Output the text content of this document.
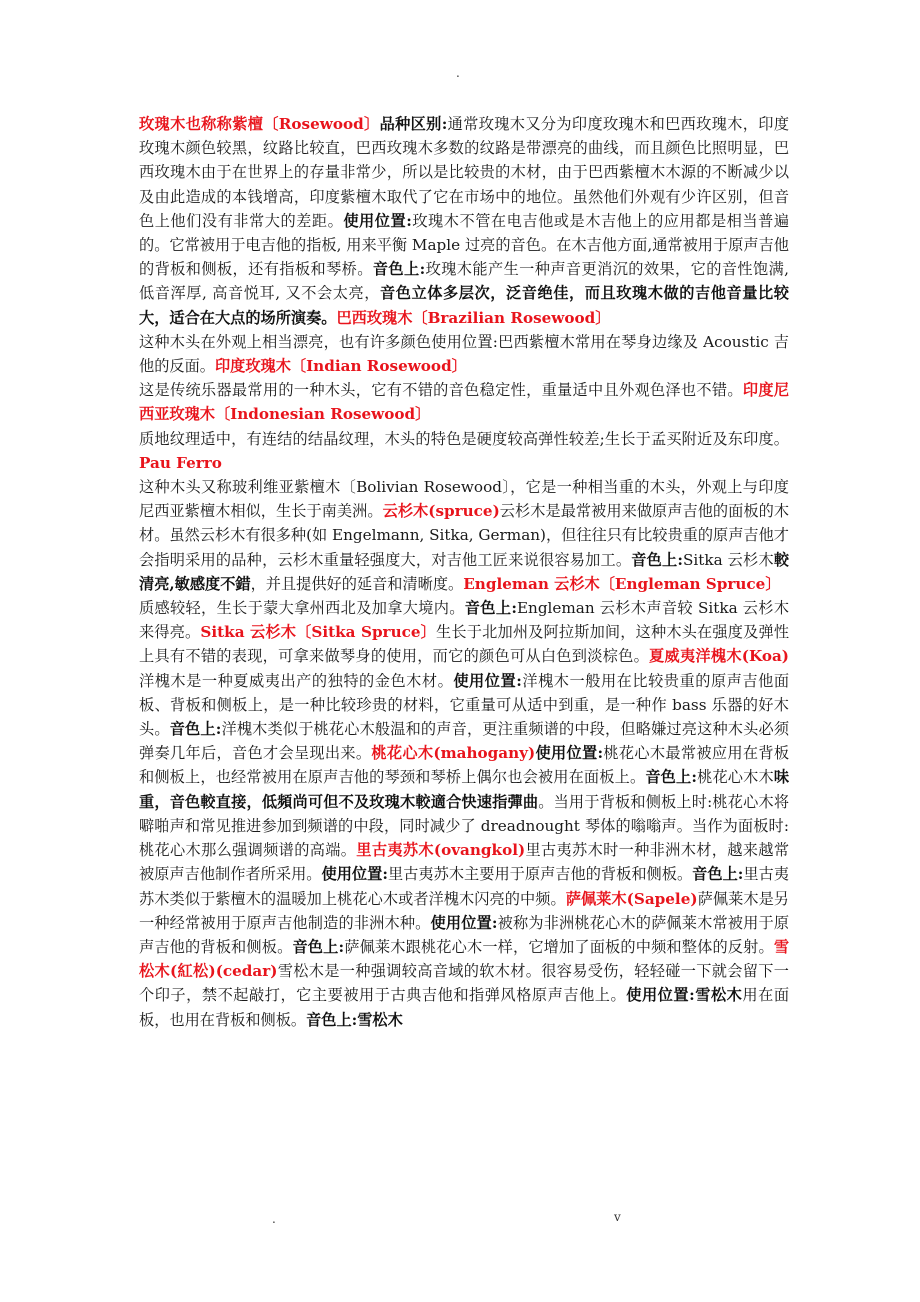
.
玫瑰木也称称紫檀〔Rosewood〕品种区别:通常玫瑰木又分为印度玫瑰木和巴西玫瑰木，印度玫瑰木颜色较黑，纹路比较直，巴西玫瑰木多数的纹路是带漂亮的曲线，而且颜色比照明显，巴西玫瑰木由于在世界上的存量非常少，所以是比较贵的木材，由于巴西紫檀木木源的不断减少以及由此造成的本钱增高，印度紫檀木取代了它在市场中的地位。虽然他们外观有少许区别，但音色上他们没有非常大的差距。使用位置:玫瑰木不管在电吉他或是木吉他上的应用都是相当普遍的。它常被用于电吉他的指板, 用来平衡 Maple 过亮的音色。在木吉他方面,通常被用于原声吉他的背板和侧板，还有指板和琴桥。音色上:玫瑰木能产生一种声音更消沉的效果，它的音性饱满, 低音浑厚, 高音悦耳, 又不会太亮，音色立体多层次，泛音绝佳，而且玫瑰木做的吉他音量比较大，适合在大点的场所演奏。巴西玫瑰木〔Brazilian Rosewood〕
这种木头在外观上相当漂亮，也有许多颜色使用位置:巴西紫檀木常用在琴身边缘及 Acoustic 吉他的反面。印度玫瑰木〔Indian Rosewood〕
这是传统乐器最常用的一种木头，它有不错的音色稳定性，重量适中且外观色泽也不错。印度尼西亚玫瑰木〔Indonesian Rosewood〕
质地纹理适中，有连结的结晶纹理，木头的特色是硬度较高弹性较差;生长于孟买附近及东印度。Pau Ferro
这种木头又称玻利维亚紫檀木〔Bolivian Rosewood〕，它是一种相当重的木头，外观上与印度尼西亚紫檀木相似，生长于南美洲。云杉木(spruce)云杉木是最常被用来做原声吉他的面板的木材。虽然云杉木有很多种(如 Engelmann, Sitka, German)，但往往只有比较贵重的原声吉他才会指明采用的品种，云杉木重量轻强度大，对吉他工匠来说很容易加工。音色上:Sitka 云杉木較清亮,敏感度不錯，并且提供好的延音和清晰度。Engleman 云杉木〔Engleman Spruce〕
质感较轻，生长于蒙大拿州西北及加拿大境内。音色上:Engleman 云杉木声音较 Sitka 云杉木来得亮。Sitka 云杉木〔Sitka Spruce〕生长于北加州及阿拉斯加间，这种木头在强度及弹性上具有不错的表现，可拿来做琴身的使用，而它的颜色可从白色到淡棕色。夏威夷洋槐木(Koa)洋槐木是一种夏威夷出产的独特的金色木材。使用位置:洋槐木一般用在比较贵重的原声吉他面板、背板和侧板上，是一种比较珍贵的材料，它重量可从适中到重，是一种作 bass 乐器的好木头。音色上:洋槐木类似于桃花心木般温和的声音，更注重频谱的中段，但略嫌过亮这种木头必须弹奏几年后，音色才会呈现出来。桃花心木(mahogany)使用位置:桃花心木最常被应用在背板和侧板上，也经常被用在原声吉他的琴颈和琴桥上偶尔也会被用在面板上。音色上:桃花心木木味重，音色較直接，低頻尚可但不及玫瑰木較適合快速指彈曲。当用于背板和侧板上时:桃花心木将噼啪声和常见推进参加到频谱的中段，同时减少了 dreadnought 琴体的嗡嗡声。当作为面板时:桃花心木那么强调频谱的高端。里古夷苏木(ovangkol)里古夷苏木时一种非洲木材，越来越常被原声吉他制作者所采用。使用位置:里古夷苏木主要用于原声吉他的背板和侧板。音色上:里古夷苏木类似于紫檀木的温暖加上桃花心木或者洋槐木闪亮的中频。萨佩莱木(Sapele)萨佩莱木是另一种经常被用于原声吉他制造的非洲木种。使用位置:被称为非洲桃花心木的萨佩莱木常被用于原声吉他的背板和侧板。音色上:萨佩莱木跟桃花心木一样，它增加了面板的中频和整体的反射。雪松木(紅松)(cedar)雪松木是一种强调较高音域的软木材。很容易受伤，轻轻碰一下就会留下一个印子，禁不起敲打，它主要被用于古典吉他和指弹风格原声吉他上。使用位置:雪松木用在面板，也用在背板和侧板。音色上:雪松木
.	v
